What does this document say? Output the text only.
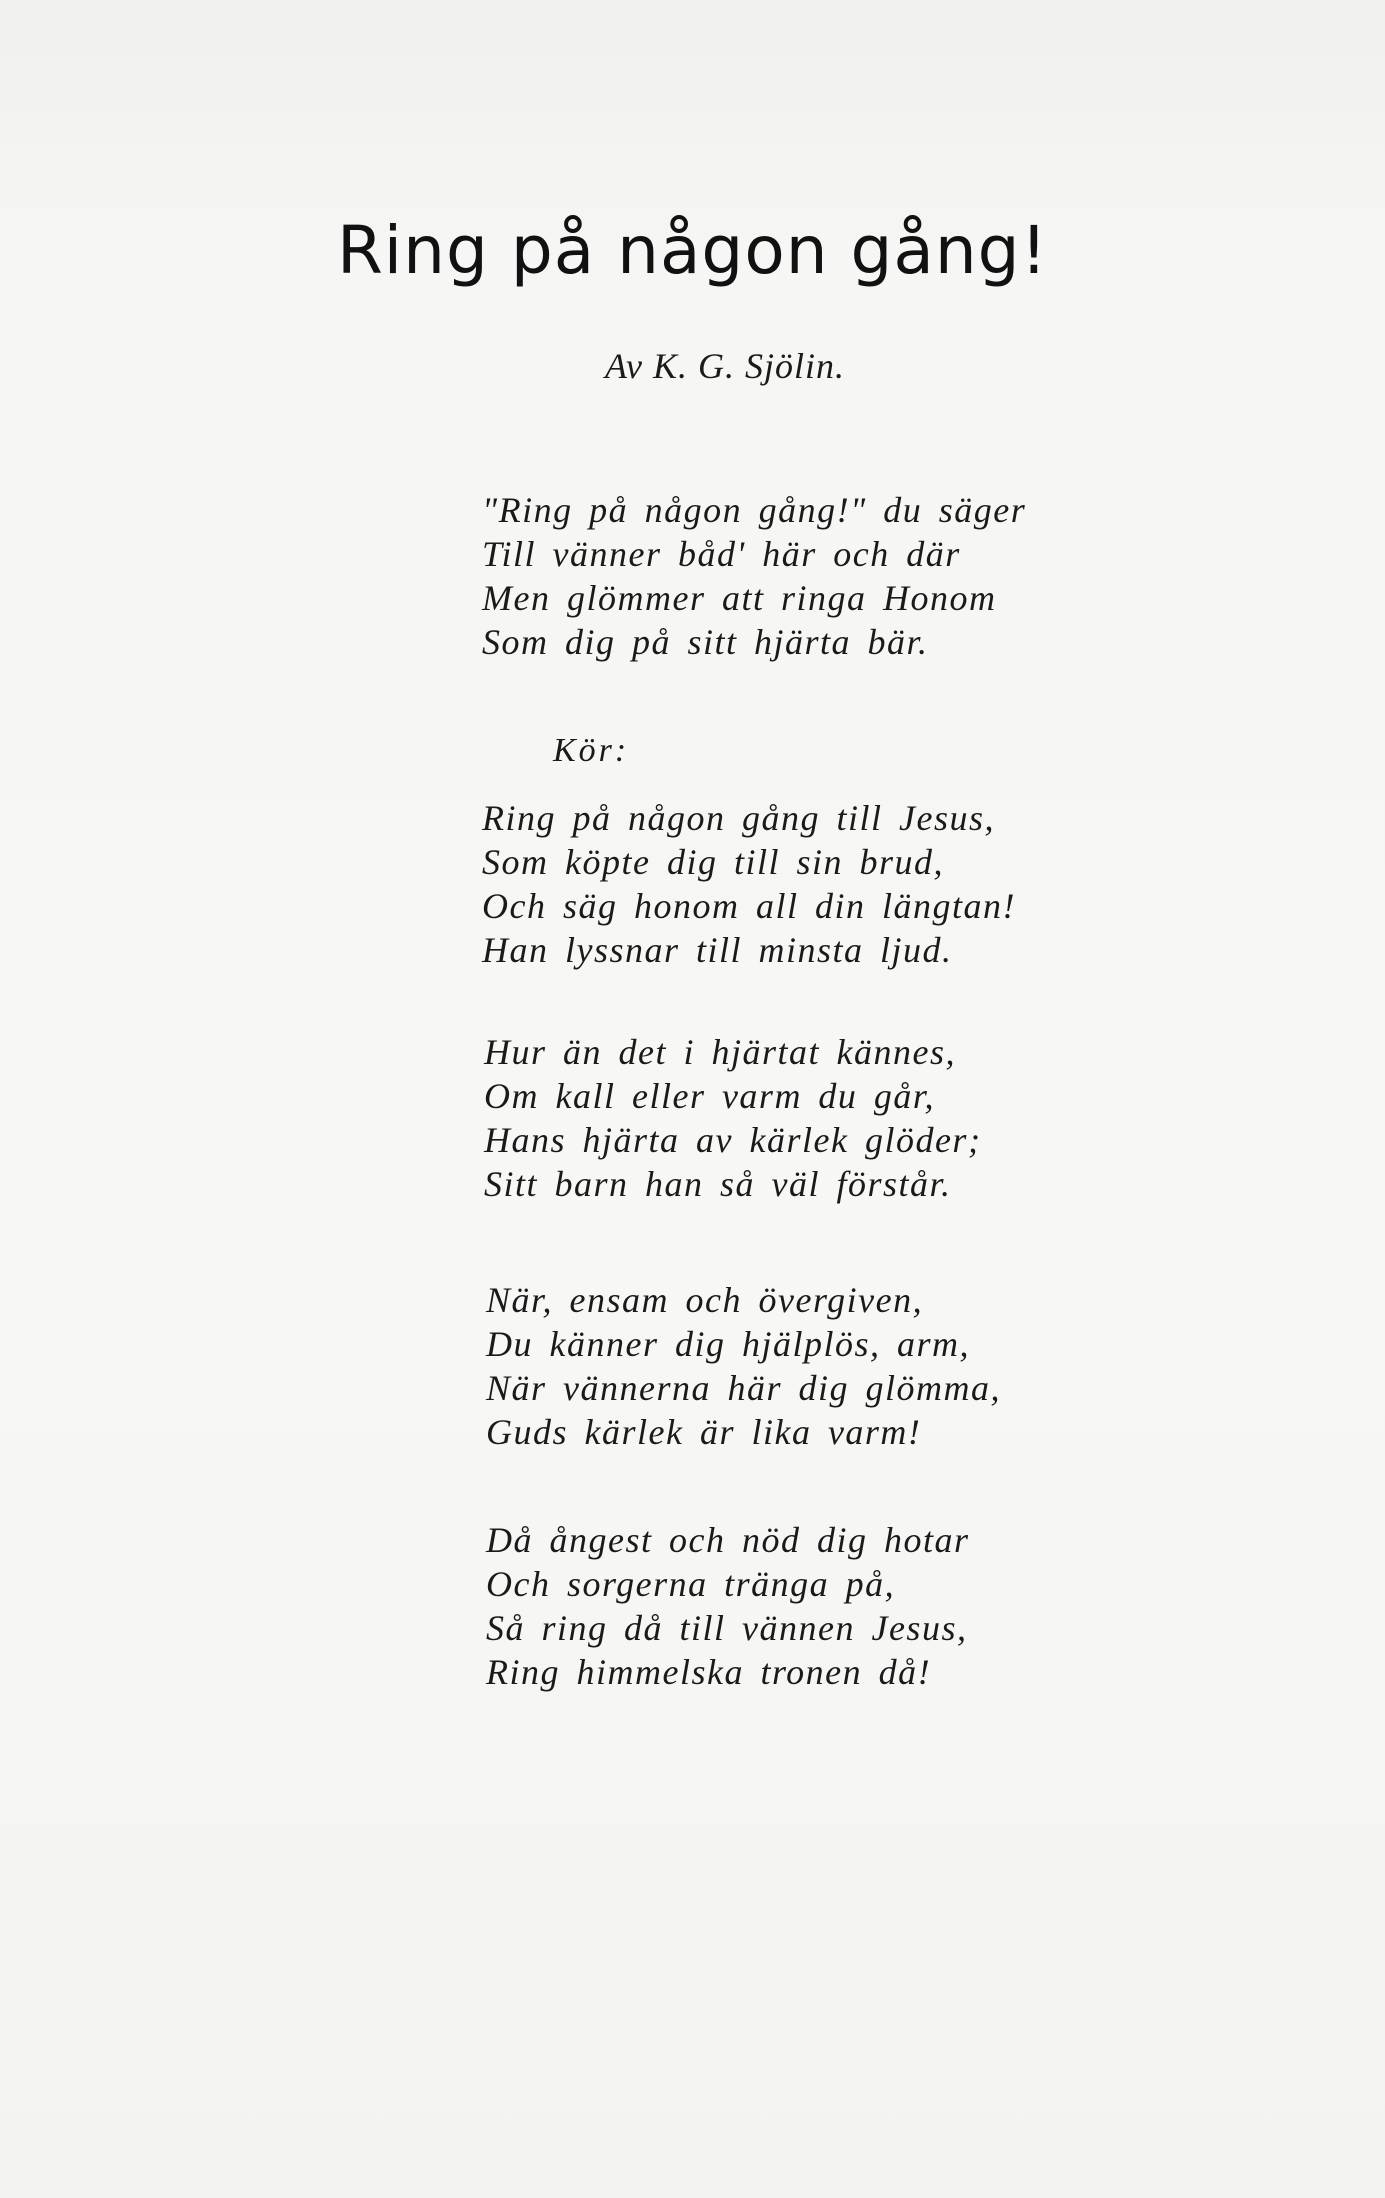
Ring på någon gång!
Av K. G. Sjölin.
"Ring på någon gång!" du säger
Till vänner båd' här och där
Men glömmer att ringa Honom
Som dig på sitt hjärta bär.
Kör:
Ring på någon gång till Jesus,
Som köpte dig till sin brud,
Och säg honom all din längtan!
Han lyssnar till minsta ljud.
Hur än det i hjärtat kännes,
Om kall eller varm du går,
Hans hjärta av kärlek glöder;
Sitt barn han så väl förstår.
När, ensam och övergiven,
Du känner dig hjälplös, arm,
När vännerna här dig glömma,
Guds kärlek är lika varm!
Då ångest och nöd dig hotar
Och sorgerna tränga på,
Så ring då till vännen Jesus,
Ring himmelska tronen då!
